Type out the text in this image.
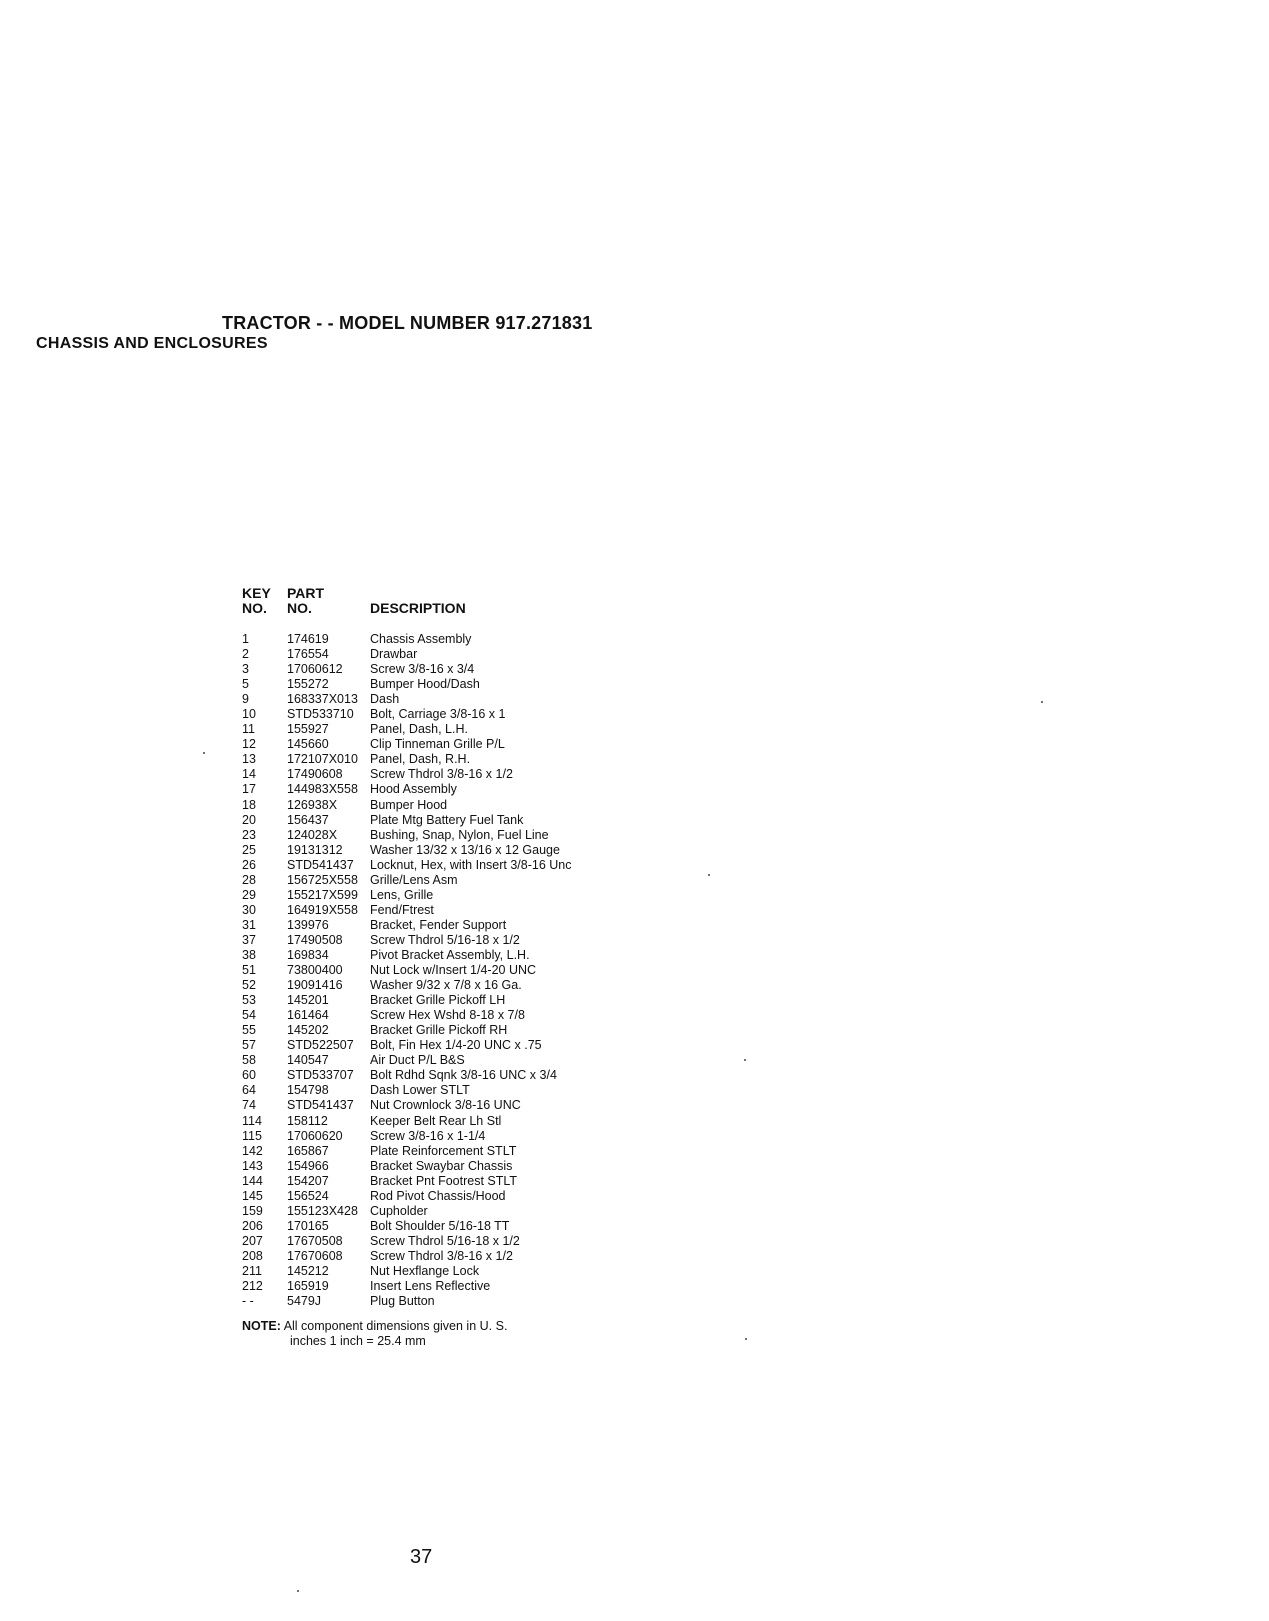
TRACTOR - - MODEL NUMBER 917.271831
CHASSIS AND ENCLOSURES
KEY PART
NO. NO.	DESCRIPTION
1	174619	Chassis Assembly
2	176554	Drawbar
3	17060612 Screw 3/8-16 x 3/4
5	155272	Bumper Hood/Dash
9	168337X013 Dash
10 STD533710 Bolt, Carriage 3/8-16 x 1
11	155927	Panel, Dash, L.H.
12 145660	Clip Tinneman Grille P/L
13 172107X010 Panel, Dash, R.H.
14 17490608 Screw Thdrol 3/8-16 x 1/2
17 144983X558 Hood Assembly
18 126938X	Bumper Hood
20 156437	Plate Mtg Battery Fuel Tank
23 124028X	Bushing, Snap, Nylon, Fuel Line
25 19131312 Washer 13/32 x 13/16 x 12 Gauge
26 STD541437 Locknut, Hex, with Insert 3/8-16 Unc
28 156725X558 Grille/Lens Asm
29 155217X599 Lens, Grille
30 164919X558 Fend/Ftrest
31 139976	Bracket, Fender Support
37 17490508 Screw Thdrol 5/16-18 x 1/2
38 169834	Pivot Bracket Assembly, L.H.
51 73800400 Nut Lock w/Insert 1/4-20 UNC
52 19091416 Washer 9/32 x 7/8 x 16 Ga.
53 145201	Bracket Grille Pickoff LH
54 161464	Screw Hex Wshd 8-18 x 7/8
55 145202	Bracket Grille Pickoff RH
57 STD522507 Bolt, Fin Hex 1/4-20 UNC x .75
58 140547	Air Duct P/L B&S
60 STD533707 Bolt Rdhd Sqnk 3/8-16 UNC x 3/4
64 154798	Dash Lower STLT
74 STD541437 Nut Crownlock 3/8-16 UNC
114 158112	Keeper Belt Rear Lh Stl
115 17060620 Screw 3/8-16 x 1-1/4
142 165867	Plate Reinforcement STLT
143 154966	Bracket Swaybar Chassis
144 154207	Bracket Pnt Footrest STLT
145 156524	Rod Pivot Chassis/Hood
159 155123X428 Cupholder
206 170165	Bolt Shoulder 5/16-18 TT
207 17670508 Screw Thdrol 5/16-18 x 1/2
208 17670608 Screw Thdrol 3/8-16 x 1/2
211 145212	Nut Hexflange Lock
212 165919	Insert Lens Reflective
- -	5479J	Plug Button
NOTE: All component dimensions given in U. S.
inches 1 inch = 25.4 mm
37
